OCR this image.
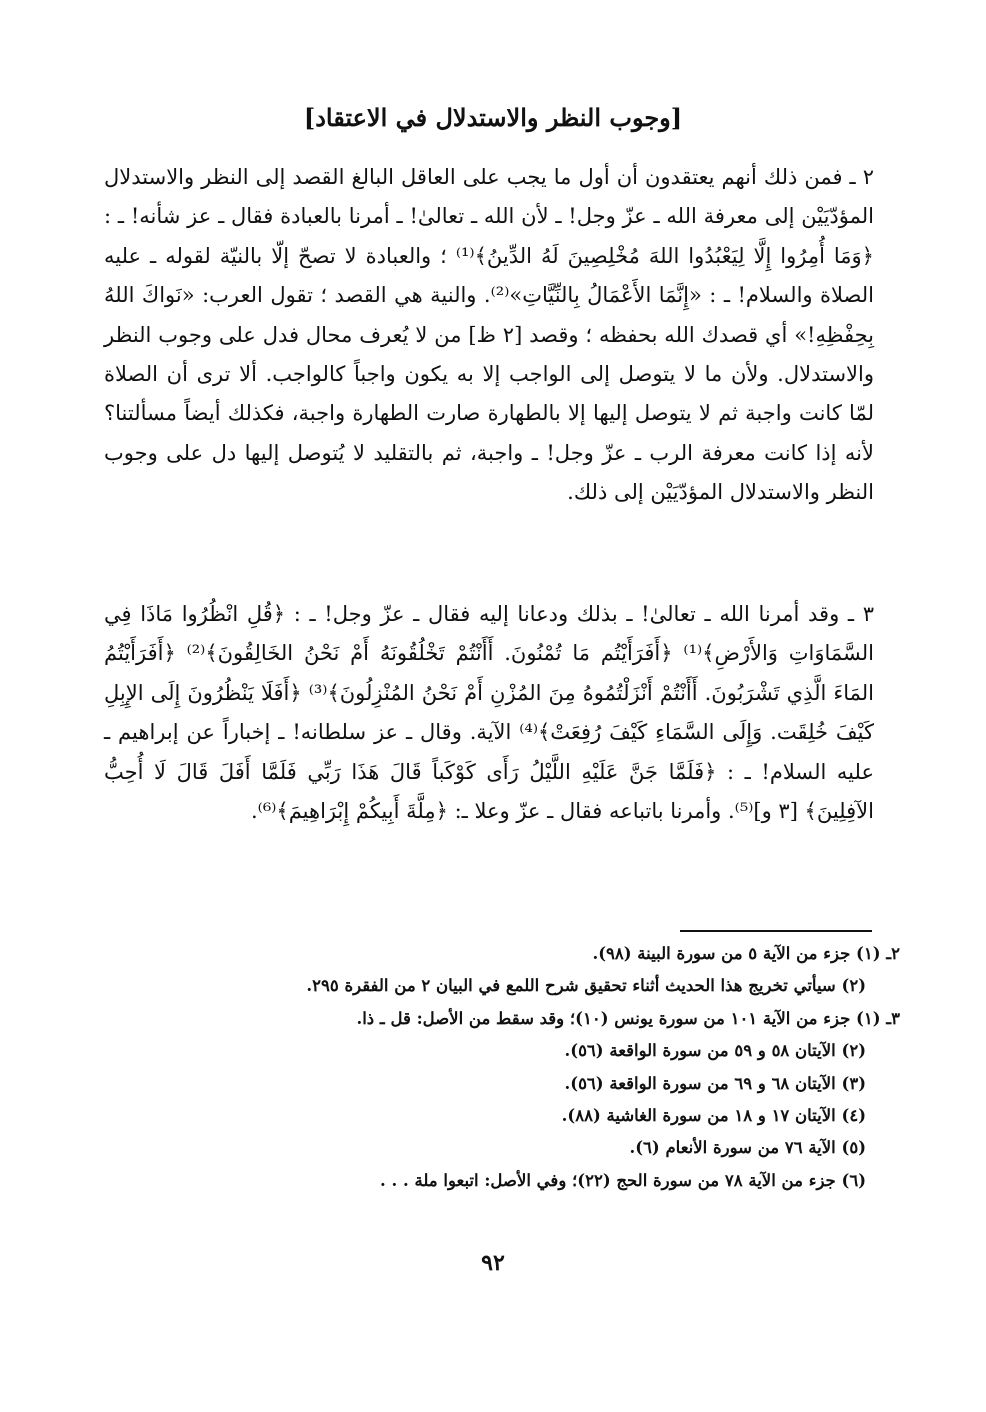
[وجوب النظر والاستدلال في الاعتقاد]

٢ ـ فمن ذلك أنهم يعتقدون أن أول ما يجب على العاقل البالغ القصد إلى النظر والاستدلال المؤدّيَيْن إلى معرفة الله ـ عزّ وجل! ـ لأن الله ـ تعالىٰ! ـ أمرنا بالعبادة فقال ـ عز شأنه! ـ : ﴿وَمَا أُمِرُوا إِلَّا لِيَعْبُدُوا اللهَ مُخْلِصِينَ لَهُ الدِّينُ﴾⁽¹⁾ ؛ والعبادة لا تصحّ إلّا بالنيّة لقوله ـ عليه الصلاة والسلام! ـ : «إِنَّمَا الأَعْمَالُ بِالنِّيَّاتِ»⁽²⁾. والنية هي القصد ؛ تقول العرب: «نَواكَ اللهُ بِحِفْظِهِ!» أي قصدك الله بحفظه ؛ وقصد [٢ ظ] من لا يُعرف محال فدل على وجوب النظر والاستدلال. ولأن ما لا يتوصل إلى الواجب إلا به يكون واجباً كالواجب. ألا ترى أن الصلاة لمّا كانت واجبة ثم لا يتوصل إليها إلا بالطهارة صارت الطهارة واجبة، فكذلك أيضاً مسألتنا؟ لأنه إذا كانت معرفة الرب ـ عزّ وجل! ـ واجبة، ثم بالتقليد لا يُتوصل إليها دل على وجوب النظر والاستدلال المؤدّيَيْن إلى ذلك.

٣ ـ وقد أمرنا الله ـ تعالىٰ! ـ بذلك ودعانا إليه فقال ـ عزّ وجل! ـ : ﴿قُلِ انْظُرُوا مَاذَا فِي السَّمَاوَاتِ وَالأَرْضِ﴾⁽¹⁾ ﴿أَفَرَأَيْتُم مَا تُمْنُونَ. أَأَنْتُمْ تَخْلُقُونَهُ أَمْ نَحْنُ الخَالِقُونَ﴾⁽²⁾ ﴿أَفَرَأَيْتُمُ المَاءَ الَّذِي تَشْرَبُونَ. أَأَنْتُمْ أَنْزَلْتُمُوهُ مِنَ المُزْنِ أَمْ نَحْنُ المُنْزِلُونَ﴾⁽³⁾ ﴿أَفَلَا يَنْظُرُونَ إِلَى الإِبِلِ كَيْفَ خُلِقَت. وَإِلَى السَّمَاءِ كَيْفَ رُفِعَتْ﴾⁽⁴⁾ الآية. وقال ـ عز سلطانه! ـ إخباراً عن إبراهيم ـ عليه السلام! ـ : ﴿فَلَمَّا جَنَّ عَلَيْهِ اللَّيْلُ رَأَى كَوْكَباً قَالَ هَذَا رَبِّي فَلَمَّا أَفَلَ قَالَ لَا أُحِبُّ الآفِلِينَ﴾ [٣ و]⁽⁵⁾. وأمرنا باتباعه فقال ـ عزّ وعلا ـ: ﴿مِلَّةَ أَبِيكُمْ إِبْرَاهِيمَ﴾⁽⁶⁾.

٢ـ (١) جزء من الآية ٥ من سورة البينة (٩٨).
(٢) سيأتي تخريج هذا الحديث أثناء تحقيق شرح اللمع في البيان ٢ من الفقرة ٢٩٥.
٣ـ (١) جزء من الآية ١٠١ من سورة يونس (١٠)؛ وقد سقط من الأصل: قل ـ ذا.
(٢) الآيتان ٥٨ و ٥٩ من سورة الواقعة (٥٦).
(٣) الآيتان ٦٨ و ٦٩ من سورة الواقعة (٥٦).
(٤) الآيتان ١٧ و ١٨ من سورة الغاشية (٨٨).
(٥) الآية ٧٦ من سورة الأنعام (٦).
(٦) جزء من الآية ٧٨ من سورة الحج (٢٢)؛ وفي الأصل: اتبعوا ملة . . .
٩٢
